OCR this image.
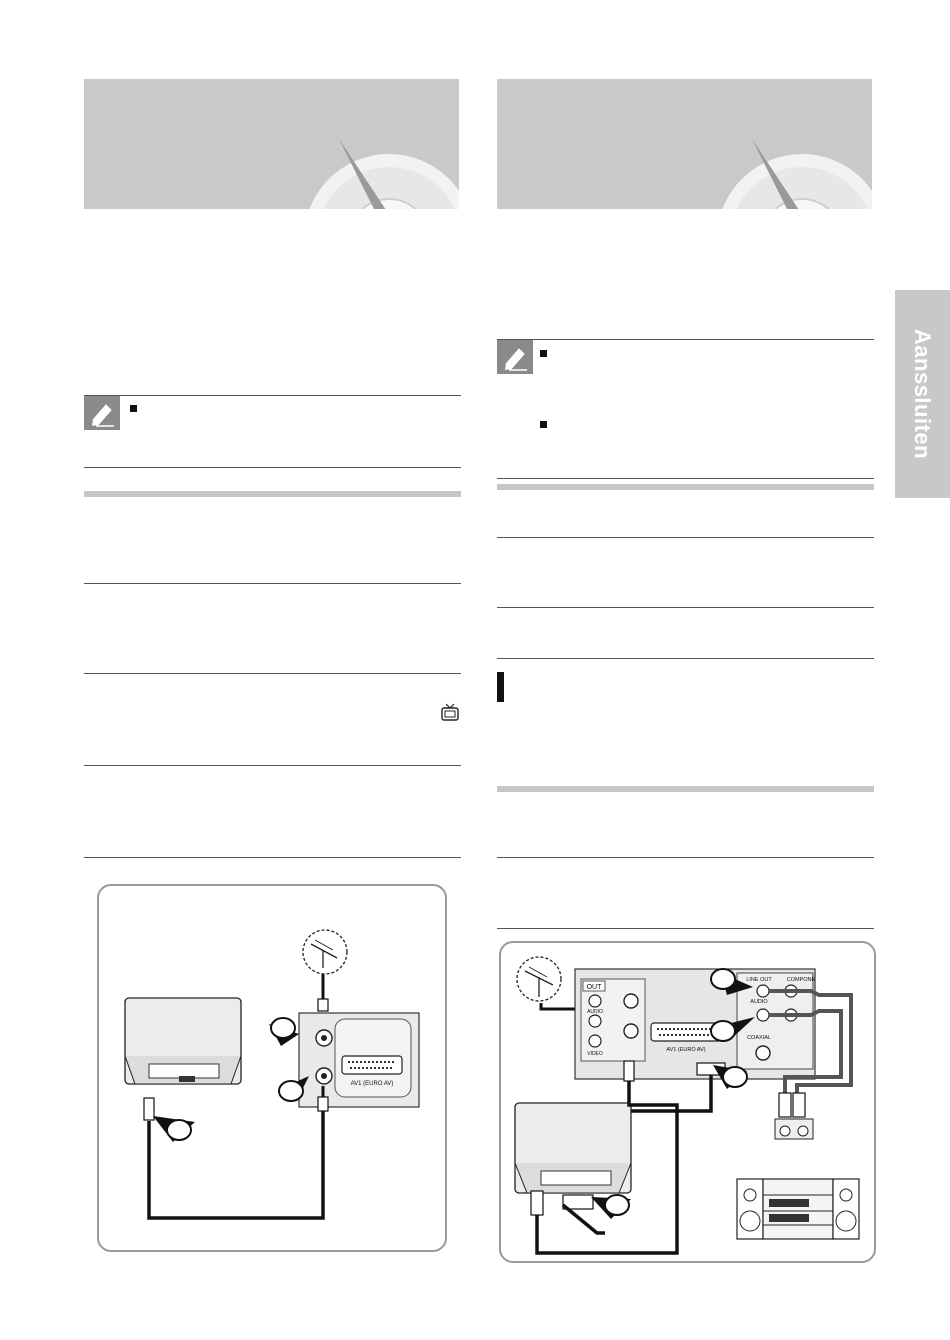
Aanssluiten
AV1 (EURO AV)
OUT
AUDIO
VIDEO
AV1 (EURO AV)
LINE OUT
AUDIO
COMPONE
COAXIAL
